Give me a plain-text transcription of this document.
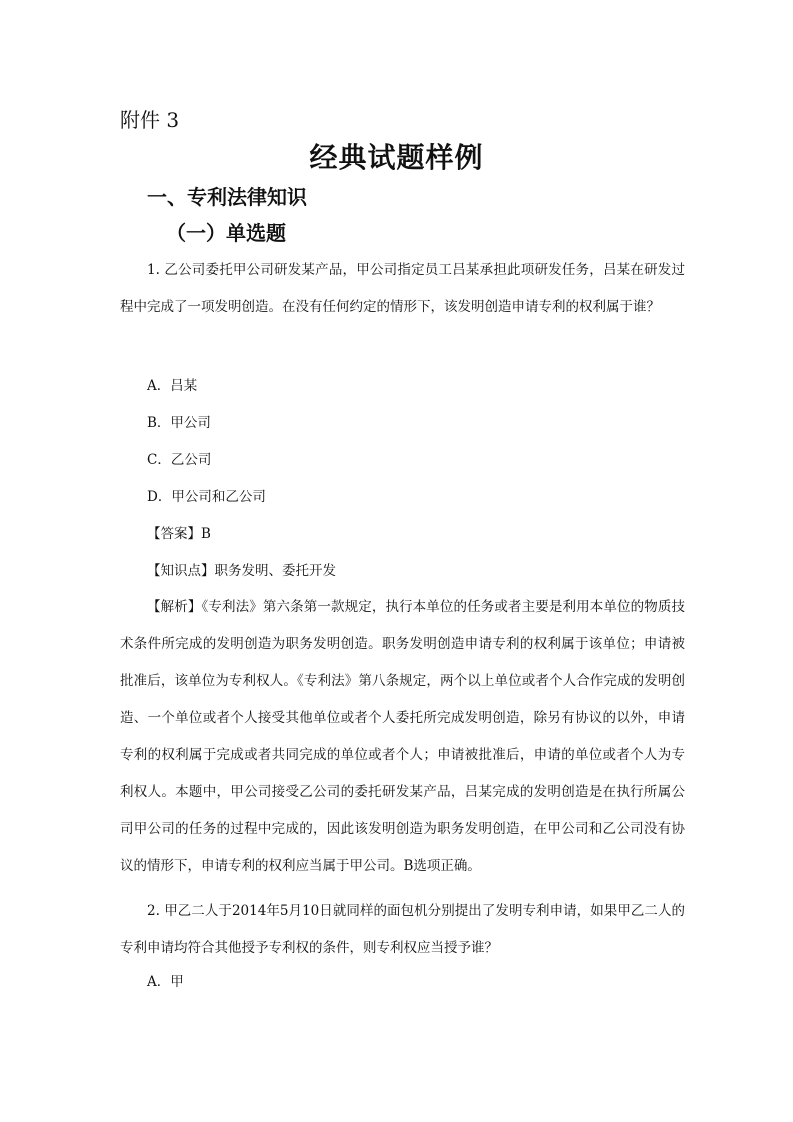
附件 3
经典试题样例
一、专利法律知识
（一）单选题
1. 乙公司委托甲公司研发某产品，甲公司指定员工吕某承担此项研发任务，吕某在研发过程中完成了一项发明创造。在没有任何约定的情形下，该发明创造申请专利的权利属于谁？
A．吕某
B．甲公司
C．乙公司
D．甲公司和乙公司
【答案】B
【知识点】职务发明、委托开发
【解析】《专利法》第六条第一款规定，执行本单位的任务或者主要是利用本单位的物质技术条件所完成的发明创造为职务发明创造。职务发明创造申请专利的权利属于该单位；申请被批准后，该单位为专利权人。《专利法》第八条规定，两个以上单位或者个人合作完成的发明创造、一个单位或者个人接受其他单位或者个人委托所完成发明创造，除另有协议的以外，申请专利的权利属于完成或者共同完成的单位或者个人；申请被批准后，申请的单位或者个人为专利权人。本题中，甲公司接受乙公司的委托研发某产品，吕某完成的发明创造是在执行所属公司甲公司的任务的过程中完成的，因此该发明创造为职务发明创造，在甲公司和乙公司没有协议的情形下，申请专利的权利应当属于甲公司。B选项正确。
2. 甲乙二人于2014年5月10日就同样的面包机分别提出了发明专利申请，如果甲乙二人的专利申请均符合其他授予专利权的条件，则专利权应当授予谁？
A．甲
